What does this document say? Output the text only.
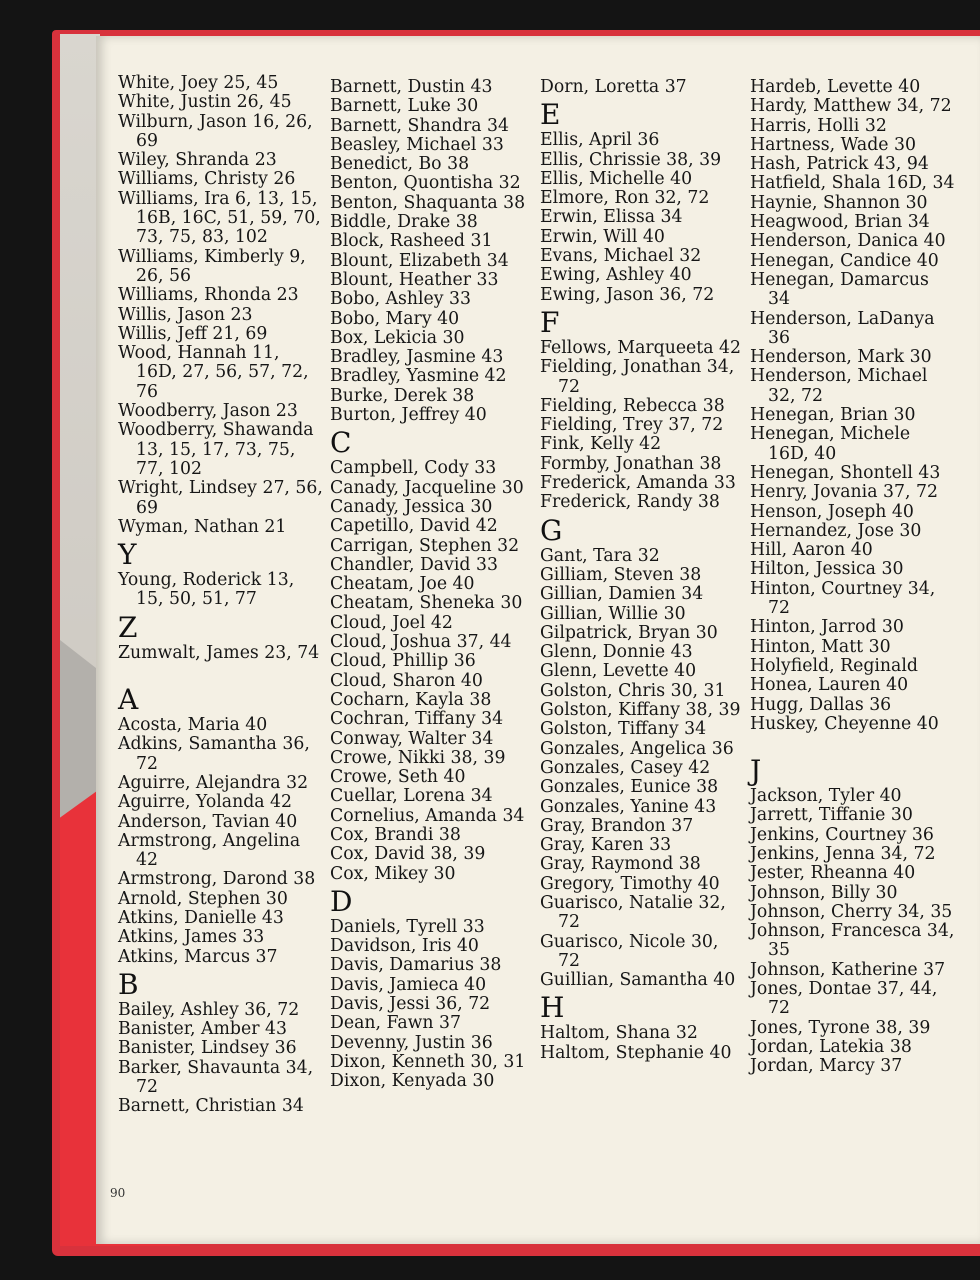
White, Joey 25, 45
White, Justin 26, 45
Wilburn, Jason 16, 26, 69
Wiley, Shranda 23
Williams, Christy 26
Williams, Ira 6, 13, 15, 16B, 16C, 51, 59, 70, 73, 75, 83, 102
Williams, Kimberly 9, 26, 56
Williams, Rhonda 23
Willis, Jason 23
Willis, Jeff 21, 69
Wood, Hannah 11, 16D, 27, 56, 57, 72, 76
Woodberry, Jason 23
Woodberry, Shawanda 13, 15, 17, 73, 75, 77, 102
Wright, Lindsey 27, 56, 69
Wyman, Nathan 21
Y
Young, Roderick 13, 15, 50, 51, 77
Z
Zumwalt, James 23, 74
A
Acosta, Maria 40
Adkins, Samantha 36, 72
Aguirre, Alejandra 32
Aguirre, Yolanda 42
Anderson, Tavian 40
Armstrong, Angelina 42
Armstrong, Darond 38
Arnold, Stephen 30
Atkins, Danielle 43
Atkins, James 33
Atkins, Marcus 37
B
Bailey, Ashley 36, 72
Banister, Amber 43
Banister, Lindsey 36
Barker, Shavaunta 34, 72
Barnett, Christian 34
Barnett, Dustin 43
Barnett, Luke 30
Barnett, Shandra 34
Beasley, Michael 33
Benedict, Bo 38
Benton, Quontisha 32
Benton, Shaquanta 38
Biddle, Drake 38
Block, Rasheed 31
Blount, Elizabeth 34
Blount, Heather 33
Bobo, Ashley 33
Bobo, Mary 40
Box, Lekicia 30
Bradley, Jasmine 43
Bradley, Yasmine 42
Burke, Derek 38
Burton, Jeffrey 40
C
Campbell, Cody 33
Canady, Jacqueline 30
Canady, Jessica 30
Capetillo, David 42
Carrigan, Stephen 32
Chandler, David 33
Cheatam, Joe 40
Cheatam, Sheneka 30
Cloud, Joel 42
Cloud, Joshua 37, 44
Cloud, Phillip 36
Cloud, Sharon 40
Cocharn, Kayla 38
Cochran, Tiffany 34
Conway, Walter 34
Crowe, Nikki 38, 39
Crowe, Seth 40
Cuellar, Lorena 34
Cornelius, Amanda 34
Cox, Brandi 38
Cox, David 38, 39
Cox, Mikey 30
D
Daniels, Tyrell 33
Davidson, Iris 40
Davis, Damarius 38
Davis, Jamieca 40
Davis, Jessi 36, 72
Dean, Fawn 37
Devenny, Justin 36
Dixon, Kenneth 30, 31
Dixon, Kenyada 30
Dorn, Loretta 37
E
Ellis, April 36
Ellis, Chrissie 38, 39
Ellis, Michelle 40
Elmore, Ron 32, 72
Erwin, Elissa 34
Erwin, Will 40
Evans, Michael 32
Ewing, Ashley 40
Ewing, Jason 36, 72
F
Fellows, Marqueeta 42
Fielding, Jonathan 34, 72
Fielding, Rebecca 38
Fielding, Trey 37, 72
Fink, Kelly 42
Formby, Jonathan 38
Frederick, Amanda 33
Frederick, Randy 38
G
Gant, Tara 32
Gilliam, Steven 38
Gillian, Damien 34
Gillian, Willie 30
Gilpatrick, Bryan 30
Glenn, Donnie 43
Glenn, Levette 40
Golston, Chris 30, 31
Golston, Kiffany 38, 39
Golston, Tiffany 34
Gonzales, Angelica 36
Gonzales, Casey 42
Gonzales, Eunice 38
Gonzales, Yanine 43
Gray, Brandon 37
Gray, Karen 33
Gray, Raymond 38
Gregory, Timothy 40
Guarisco, Natalie 32, 72
Guarisco, Nicole 30, 72
Guillian, Samantha 40
H
Haltom, Shana 32
Haltom, Stephanie 40
Hardeb, Levette 40
Hardy, Matthew 34, 72
Harris, Holli 32
Hartness, Wade 30
Hash, Patrick 43, 94
Hatfield, Shala 16D, 34
Haynie, Shannon 30
Heagwood, Brian 34
Henderson, Danica 40
Henegan, Candice 40
Henegan, Damarcus 34
Henderson, LaDanya 36
Henderson, Mark 30
Henderson, Michael 32, 72
Henegan, Brian 30
Henegan, Michele 16D, 40
Henegan, Shontell 43
Henry, Jovania 37, 72
Henson, Joseph 40
Hernandez, Jose 30
Hill, Aaron 40
Hilton, Jessica 30
Hinton, Courtney 34, 72
Hinton, Jarrod 30
Hinton, Matt 30
Holyfield, Reginald
Honea, Lauren 40
Hugg, Dallas 36
Huskey, Cheyenne 40
J
Jackson, Tyler 40
Jarrett, Tiffanie 30
Jenkins, Courtney 36
Jenkins, Jenna 34, 72
Jester, Rheanna 40
Johnson, Billy 30
Johnson, Cherry 34, 35
Johnson, Francesca 34, 35
Johnson, Katherine 37
Jones, Dontae 37, 44, 72
Jones, Tyrone 38, 39
Jordan, Latekia 38
Jordan, Marcy 37
90
